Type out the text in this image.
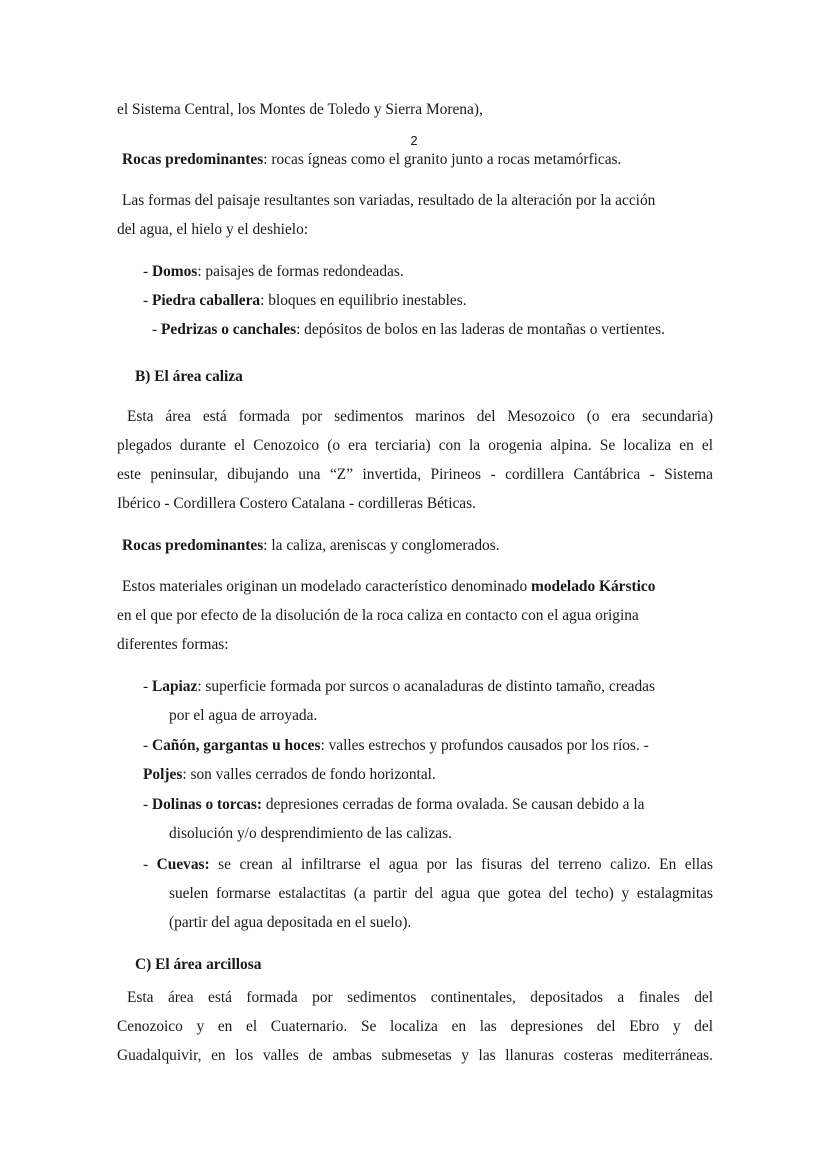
el Sistema Central, los Montes de Toledo y Sierra Morena),
2
Rocas predominantes: rocas ígneas como el granito junto a rocas metamórficas.
Las formas del paisaje resultantes son variadas, resultado de la alteración por la acción
del agua, el hielo y el deshielo:
- Domos: paisajes de formas redondeadas.
- Piedra caballera: bloques en equilibrio inestables.
- Pedrizas o canchales: depósitos de bolos en las laderas de montañas o vertientes.
B) El área caliza
Esta área está formada por sedimentos marinos del Mesozoico (o era secundaria)
plegados durante el Cenozoico (o era terciaria) con la orogenia alpina. Se localiza en el
este peninsular, dibujando una “Z” invertida, Pirineos - cordillera Cantábrica - Sistema
Ibérico - Cordillera Costero Catalana - cordilleras Béticas.
Rocas predominantes: la caliza, areniscas y conglomerados.
Estos materiales originan un modelado característico denominado modelado Kárstico
en el que por efecto de la disolución de la roca caliza en contacto con el agua origina
diferentes formas:
- Lapiaz: superficie formada por surcos o acanaladuras de distinto tamaño, creadas
por el agua de arroyada.
- Cañón, gargantas u hoces: valles estrechos y profundos causados por los ríos. -
Poljes: son valles cerrados de fondo horizontal.
- Dolinas o torcas: depresiones cerradas de forma ovalada. Se causan debido a la
disolución y/o desprendimiento de las calizas.
- Cuevas: se crean al infiltrarse el agua por las fisuras del terreno calizo. En ellas
suelen formarse estalactitas (a partir del agua que gotea del techo) y estalagmitas
(partir del agua depositada en el suelo).
C) El área arcillosa
Esta área está formada por sedimentos continentales, depositados a finales del
Cenozoico y en el Cuaternario. Se localiza en las depresiones del Ebro y del
Guadalquivir, en los valles de ambas submesetas y las llanuras costeras mediterráneas.
